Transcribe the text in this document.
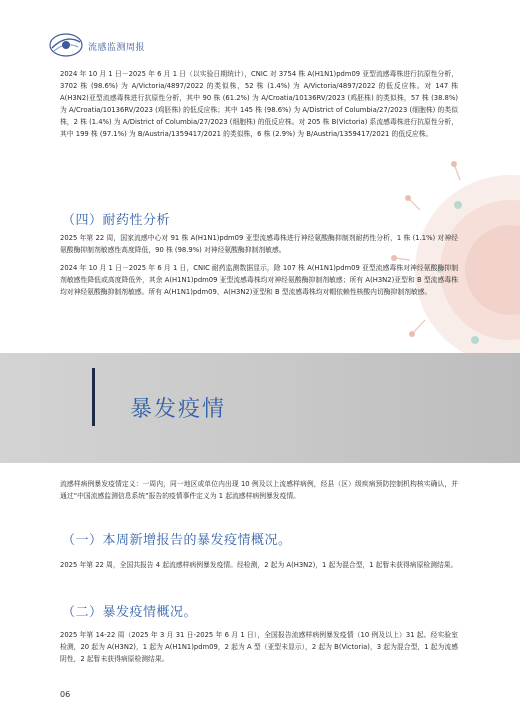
流感监测周报
2024 年 10 月 1 日－2025 年 6 月 1 日（以实验日期统计），CNIC 对 3754 株 A(H1N1)pdm09 亚型流感毒株进行抗原性分析，3702 株 (98.6%) 为 A/Victoria/4897/2022 的类似株，52 株 (1.4%) 为 A/Victoria/4897/2022 的低反应株。对 147 株 A(H3N2)亚型流感毒株进行抗原性分析，其中 90 株 (61.2%) 为 A/Croatia/10136RV/2023 (鸡胚株) 的类似株，57 株 (38.8%) 为 A/Croatia/10136RV/2023 (鸡胚株) 的低反应株；其中 145 株 (98.6%) 为 A/District of Columbia/27/2023 (细胞株) 的类似株，2 株 (1.4%) 为 A/District of Columbia/27/2023 (细胞株) 的低反应株。对 205 株 B(Victoria) 系流感毒株进行抗原性分析，其中 199 株 (97.1%) 为 B/Austria/1359417/2021 的类似株，6 株 (2.9%) 为 B/Austria/1359417/2021 的低反应株。
（四）耐药性分析
2025 年第 22 周，国家流感中心对 91 株 A(H1N1)pdm09 亚型流感毒株进行神经氨酸酶抑制剂耐药性分析，1 株 (1.1%) 对神经氨酸酶抑制剂敏感性高度降低，90 株 (98.9%) 对神经氨酸酶抑制剂敏感。
2024 年 10 月 1 日－2025 年 6 月 1 日，CNIC 耐药监测数据显示，除 107 株 A(H1N1)pdm09 亚型流感毒株对神经氨酸酶抑制剂敏感性降低或高度降低外，其余 A(H1N1)pdm09 亚型流感毒株均对神经氨酸酶抑制剂敏感；所有 A(H3N2)亚型和 B 型流感毒株均对神经氨酸酶抑制剂敏感。所有 A(H1N1)pdm09、A(H3N2)亚型和 B 型流感毒株均对帽依赖性核酸内切酶抑制剂敏感。
暴发疫情
流感样病例暴发疫情定义：一周内，同一地区或单位内出现 10 例及以上流感样病例，经县（区）级疾病预防控制机构核实确认，并通过“中国流感监测信息系统”报告的疫情事件定义为 1 起流感样病例暴发疫情。
（一）本周新增报告的暴发疫情概况。
2025 年第 22 周，全国共报告 4 起流感样病例暴发疫情。经检测，2 起为 A(H3N2)，1 起为混合型，1 起暂未获得病原检测结果。
（二）暴发疫情概况。
2025 年第 14-22 周（2025 年 3 月 31 日-2025 年 6 月 1 日），全国报告流感样病例暴发疫情（10 例及以上）31 起。经实验室检测，20 起为 A(H3N2)，1 起为 A(H1N1)pdm09，2 起为 A 型（亚型未显示），2 起为 B(Victoria)，3 起为混合型，1 起为流感阴性，2 起暂未获得病原检测结果。
06
